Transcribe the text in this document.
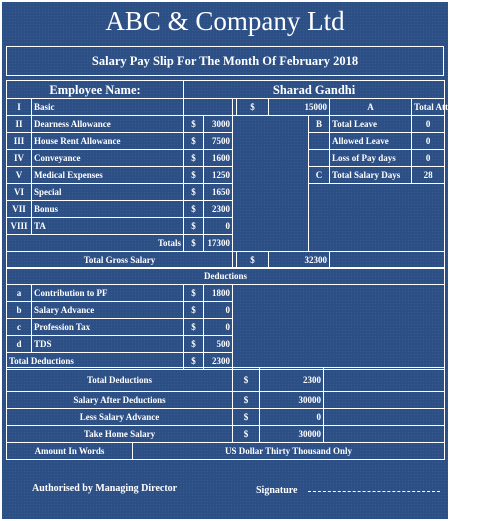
ABC & Company Ltd
Salary Pay Slip For The Month Of February 2018
Employee Name:		Sharad Gandhi								
I	Basic				$	15000		A	Total Attendance	
II	Dearness Allowance	$	3000				B	Total Leave	0	
III	House Rent Allowance	$	7500					Allowed Leave	0	
IV	Conveyance	$	1600					Loss of Pay days	0	
V	Medical Expenses	$	1250				C	Total Salary Days	28	
VI	Special	$	1650							
VII	Bonus	$	2300							
VIII	TA	$	0							
Totals		$	17300							
Total Gross Salary					$	32300				
Deductions				
a	Contribution to PF	$	1800	
b	Salary Advance	$	0	
c	Profession Tax	$	0	
d	TDS	$	500	
Total Deductions		$	2300	
Total Deductions	$	2300	
Salary After Deductions	$	30000	
Less Salary Advance	$	0	
Take Home Salary	$	30000	
Amount In Words	US Dollar Thirty Thousand Only
Authorised by Managing Director	Signature
